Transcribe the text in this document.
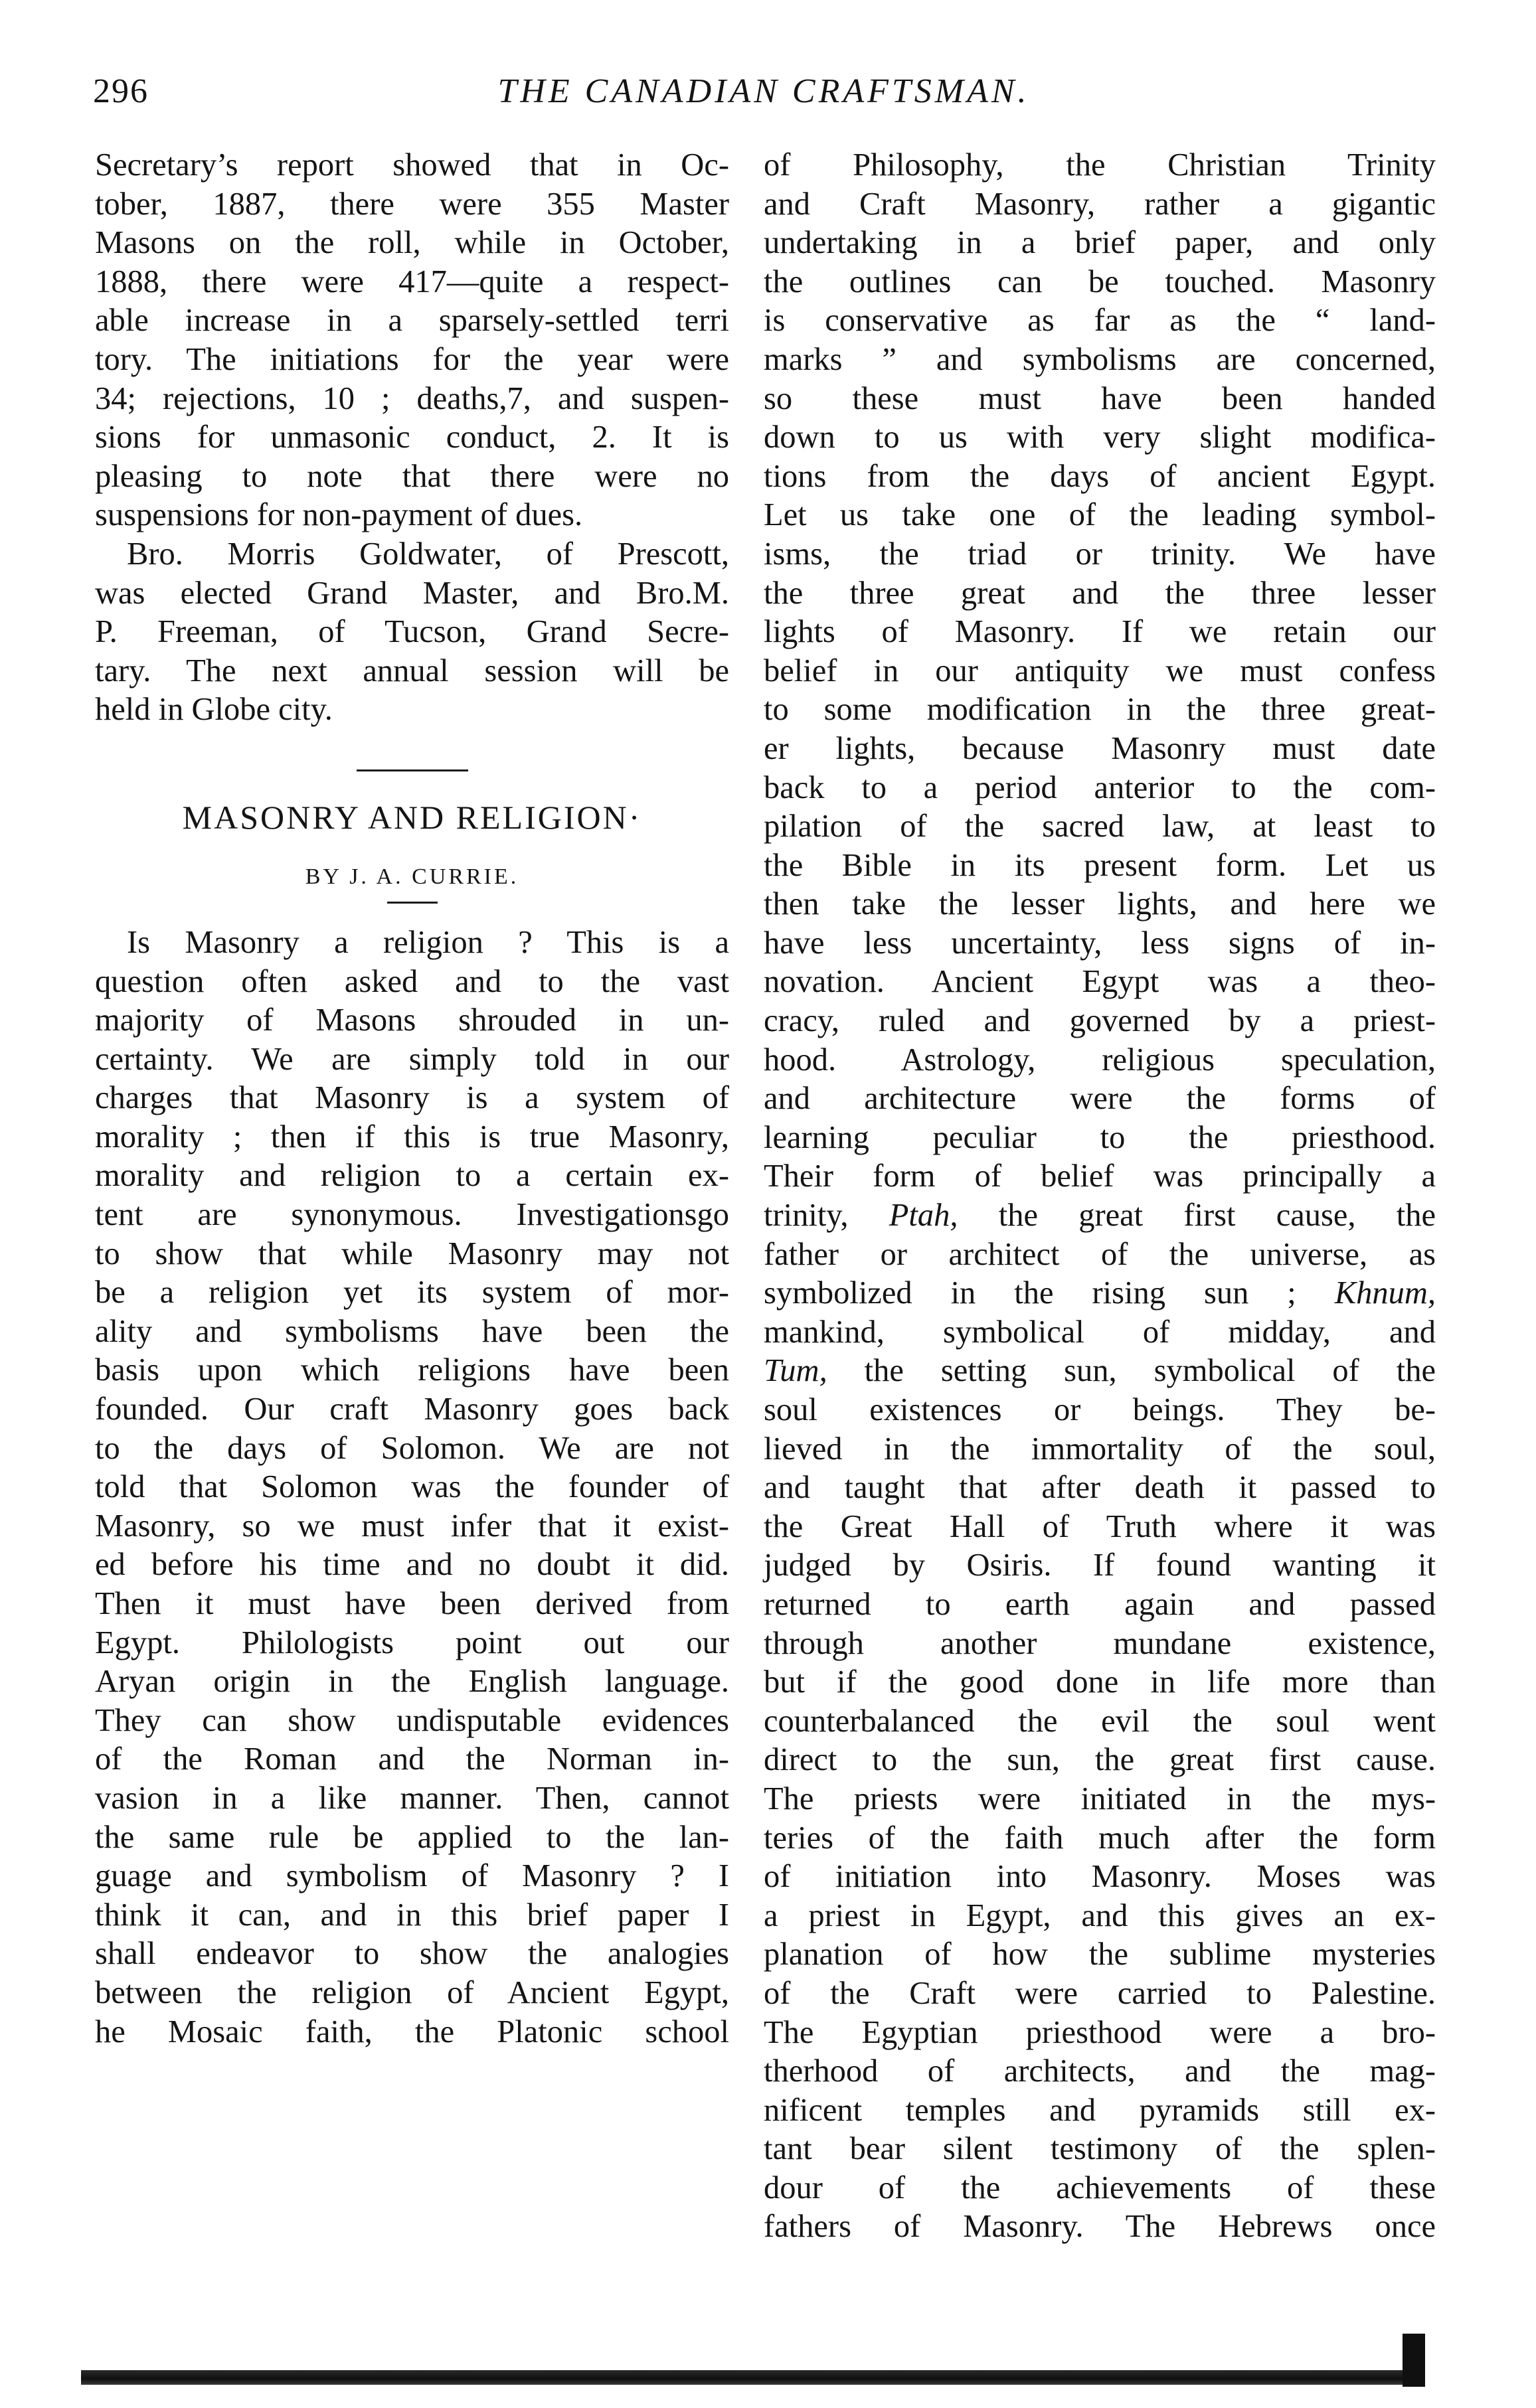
296	THE CANADIAN CRAFTSMAN.
Secretary’s report showed that in Oc-
tober, 1887, there were 355 Master
Masons on the roll, while in October,
1888, there were 417—quite a respect-
able increase in a sparsely-settled terri
tory. The initiations for the year were
34; rejections, 10 ; deaths,7, and suspen-
sions for unmasonic conduct, 2. It is
pleasing to note that there were no
suspensions for non-payment of dues.
Bro. Morris Goldwater, of Prescott,
was elected Grand Master, and Bro.M.
P. Freeman, of Tucson, Grand Secre-
tary. The next annual session will be
held in Globe city.
MASONRY AND RELIGION·
BY J. A. CURRIE.
Is Masonry a religion ? This is a
question often asked and to the vast
majority of Masons shrouded in un-
certainty. We are simply told in our
charges that Masonry is a system of
morality ; then if this is true Masonry,
morality and religion to a certain ex-
tent are synonymous. Investigationsgo
to show that while Masonry may not
be a religion yet its system of mor-
ality and symbolisms have been the
basis upon which religions have been
founded. Our craft Masonry goes back
to the days of Solomon. We are not
told that Solomon was the founder of
Masonry, so we must infer that it exist-
ed before his time and no doubt it did.
Then it must have been derived from
Egypt. Philologists point out our
Aryan origin in the English language.
They can show undisputable evidences
of the Roman and the Norman in-
vasion in a like manner. Then, cannot
the same rule be applied to the lan-
guage and symbolism of Masonry ? I
think it can, and in this brief paper I
shall endeavor to show the analogies
between the religion of Ancient Egypt,
he Mosaic faith, the Platonic school
of Philosophy, the Christian Trinity
and Craft Masonry, rather a gigantic
undertaking in a brief paper, and only
the outlines can be touched. Masonry
is conservative as far as the “ land-
marks ” and symbolisms are concerned,
so these must have been handed
down to us with very slight modifica-
tions from the days of ancient Egypt.
Let us take one of the leading symbol-
isms, the triad or trinity. We have
the three great and the three lesser
lights of Masonry. If we retain our
belief in our antiquity we must confess
to some modification in the three great-
er lights, because Masonry must date
back to a period anterior to the com-
pilation of the sacred law, at least to
the Bible in its present form. Let us
then take the lesser lights, and here we
have less uncertainty, less signs of in-
novation. Ancient Egypt was a theo-
cracy, ruled and governed by a priest-
hood. Astrology, religious speculation,
and architecture were the forms of
learning peculiar to the priesthood.
Their form of belief was principally a
trinity, Ptah, the great first cause, the
father or architect of the universe, as
symbolized in the rising sun ; Khnum,
mankind, symbolical of midday, and
Tum, the setting sun, symbolical of the
soul existences or beings. They be-
lieved in the immortality of the soul,
and taught that after death it passed to
the Great Hall of Truth where it was
judged by Osiris. If found wanting it
returned to earth again and passed
through another mundane existence,
but if the good done in life more than
counterbalanced the evil the soul went
direct to the sun, the great first cause.
The priests were initiated in the mys-
teries of the faith much after the form
of initiation into Masonry. Moses was
a priest in Egypt, and this gives an ex-
planation of how the sublime mysteries
of the Craft were carried to Palestine.
The Egyptian priesthood were a bro-
therhood of architects, and the mag-
nificent temples and pyramids still ex-
tant bear silent testimony of the splen-
dour of the achievements of these
fathers of Masonry. The Hebrews once
